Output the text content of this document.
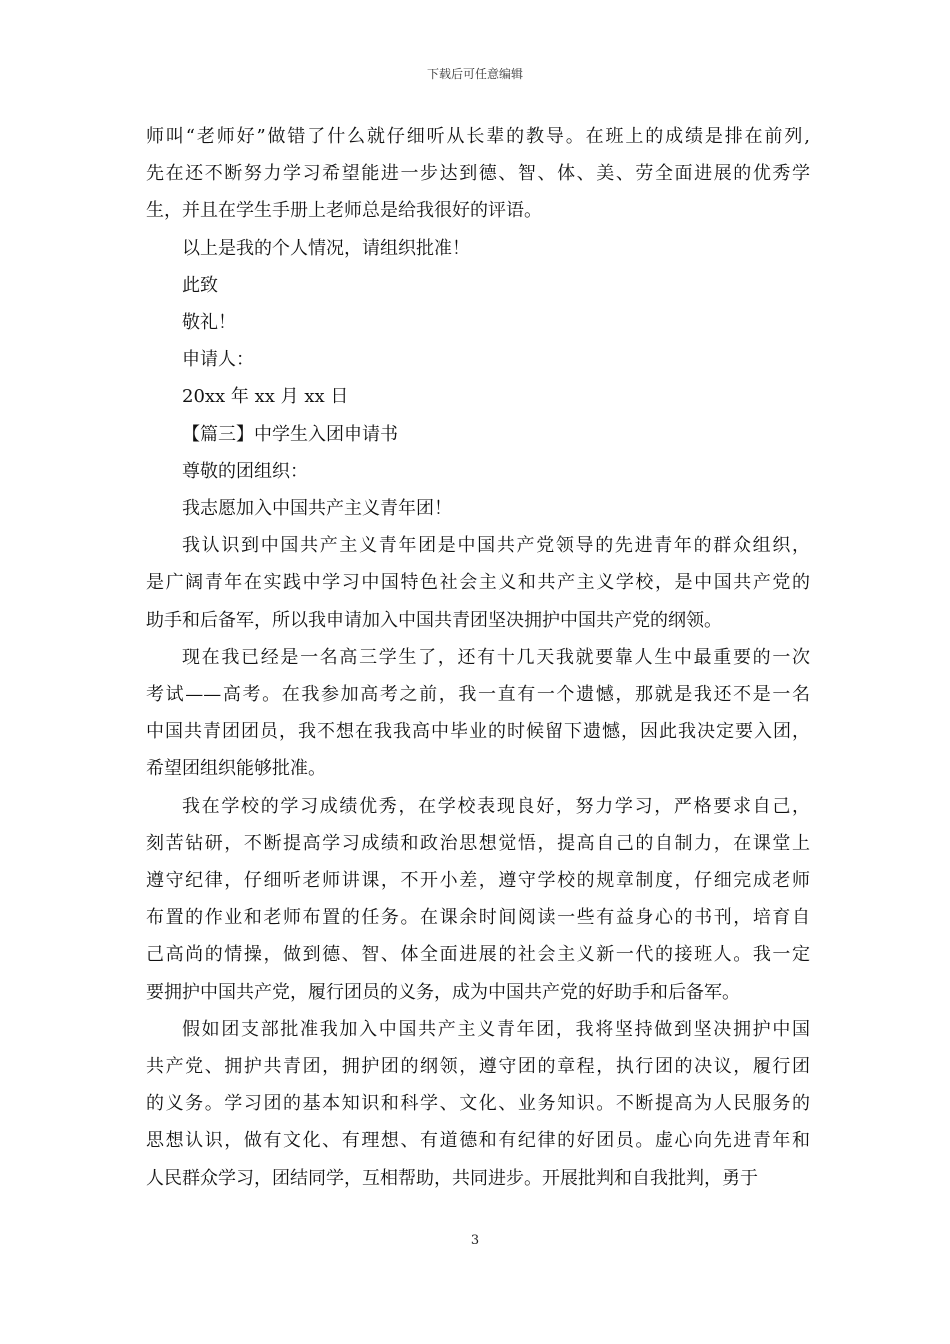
下载后可任意编辑
师叫“老师好”做错了什么就仔细听从长辈的教导。在班上的成绩是排在前列,
先在还不断努力学习希望能进一步达到德、智、体、美、劳全面进展的优秀学
生，并且在学生手册上老师总是给我很好的评语。
以上是我的个人情况，请组织批准！
此致
敬礼！
申请人：
20xx 年 xx 月 xx 日
【篇三】中学生入团申请书
尊敬的团组织：
我志愿加入中国共产主义青年团！
我认识到中国共产主义青年团是中国共产党领导的先进青年的群众组织，
是广阔青年在实践中学习中国特色社会主义和共产主义学校，是中国共产党的
助手和后备军，所以我申请加入中国共青团坚决拥护中国共产党的纲领。
现在我已经是一名高三学生了，还有十几天我就要靠人生中最重要的一次
考试——高考。在我参加高考之前，我一直有一个遗憾，那就是我还不是一名
中国共青团团员，我不想在我我高中毕业的时候留下遗憾，因此我决定要入团，
希望团组织能够批准。
我在学校的学习成绩优秀，在学校表现良好，努力学习，严格要求自己，
刻苦钻研，不断提高学习成绩和政治思想觉悟，提高自己的自制力，在课堂上
遵守纪律，仔细听老师讲课，不开小差，遵守学校的规章制度，仔细完成老师
布置的作业和老师布置的任务。在课余时间阅读一些有益身心的书刊，培育自
己高尚的情操，做到德、智、体全面进展的社会主义新一代的接班人。我一定
要拥护中国共产党，履行团员的义务，成为中国共产党的好助手和后备军。
假如团支部批准我加入中国共产主义青年团，我将坚持做到坚决拥护中国
共产党、拥护共青团，拥护团的纲领，遵守团的章程，执行团的决议，履行团
的义务。学习团的基本知识和科学、文化、业务知识。不断提高为人民服务的
思想认识，做有文化、有理想、有道德和有纪律的好团员。虚心向先进青年和
人民群众学习，团结同学，互相帮助，共同进步。开展批判和自我批判，勇于
3
